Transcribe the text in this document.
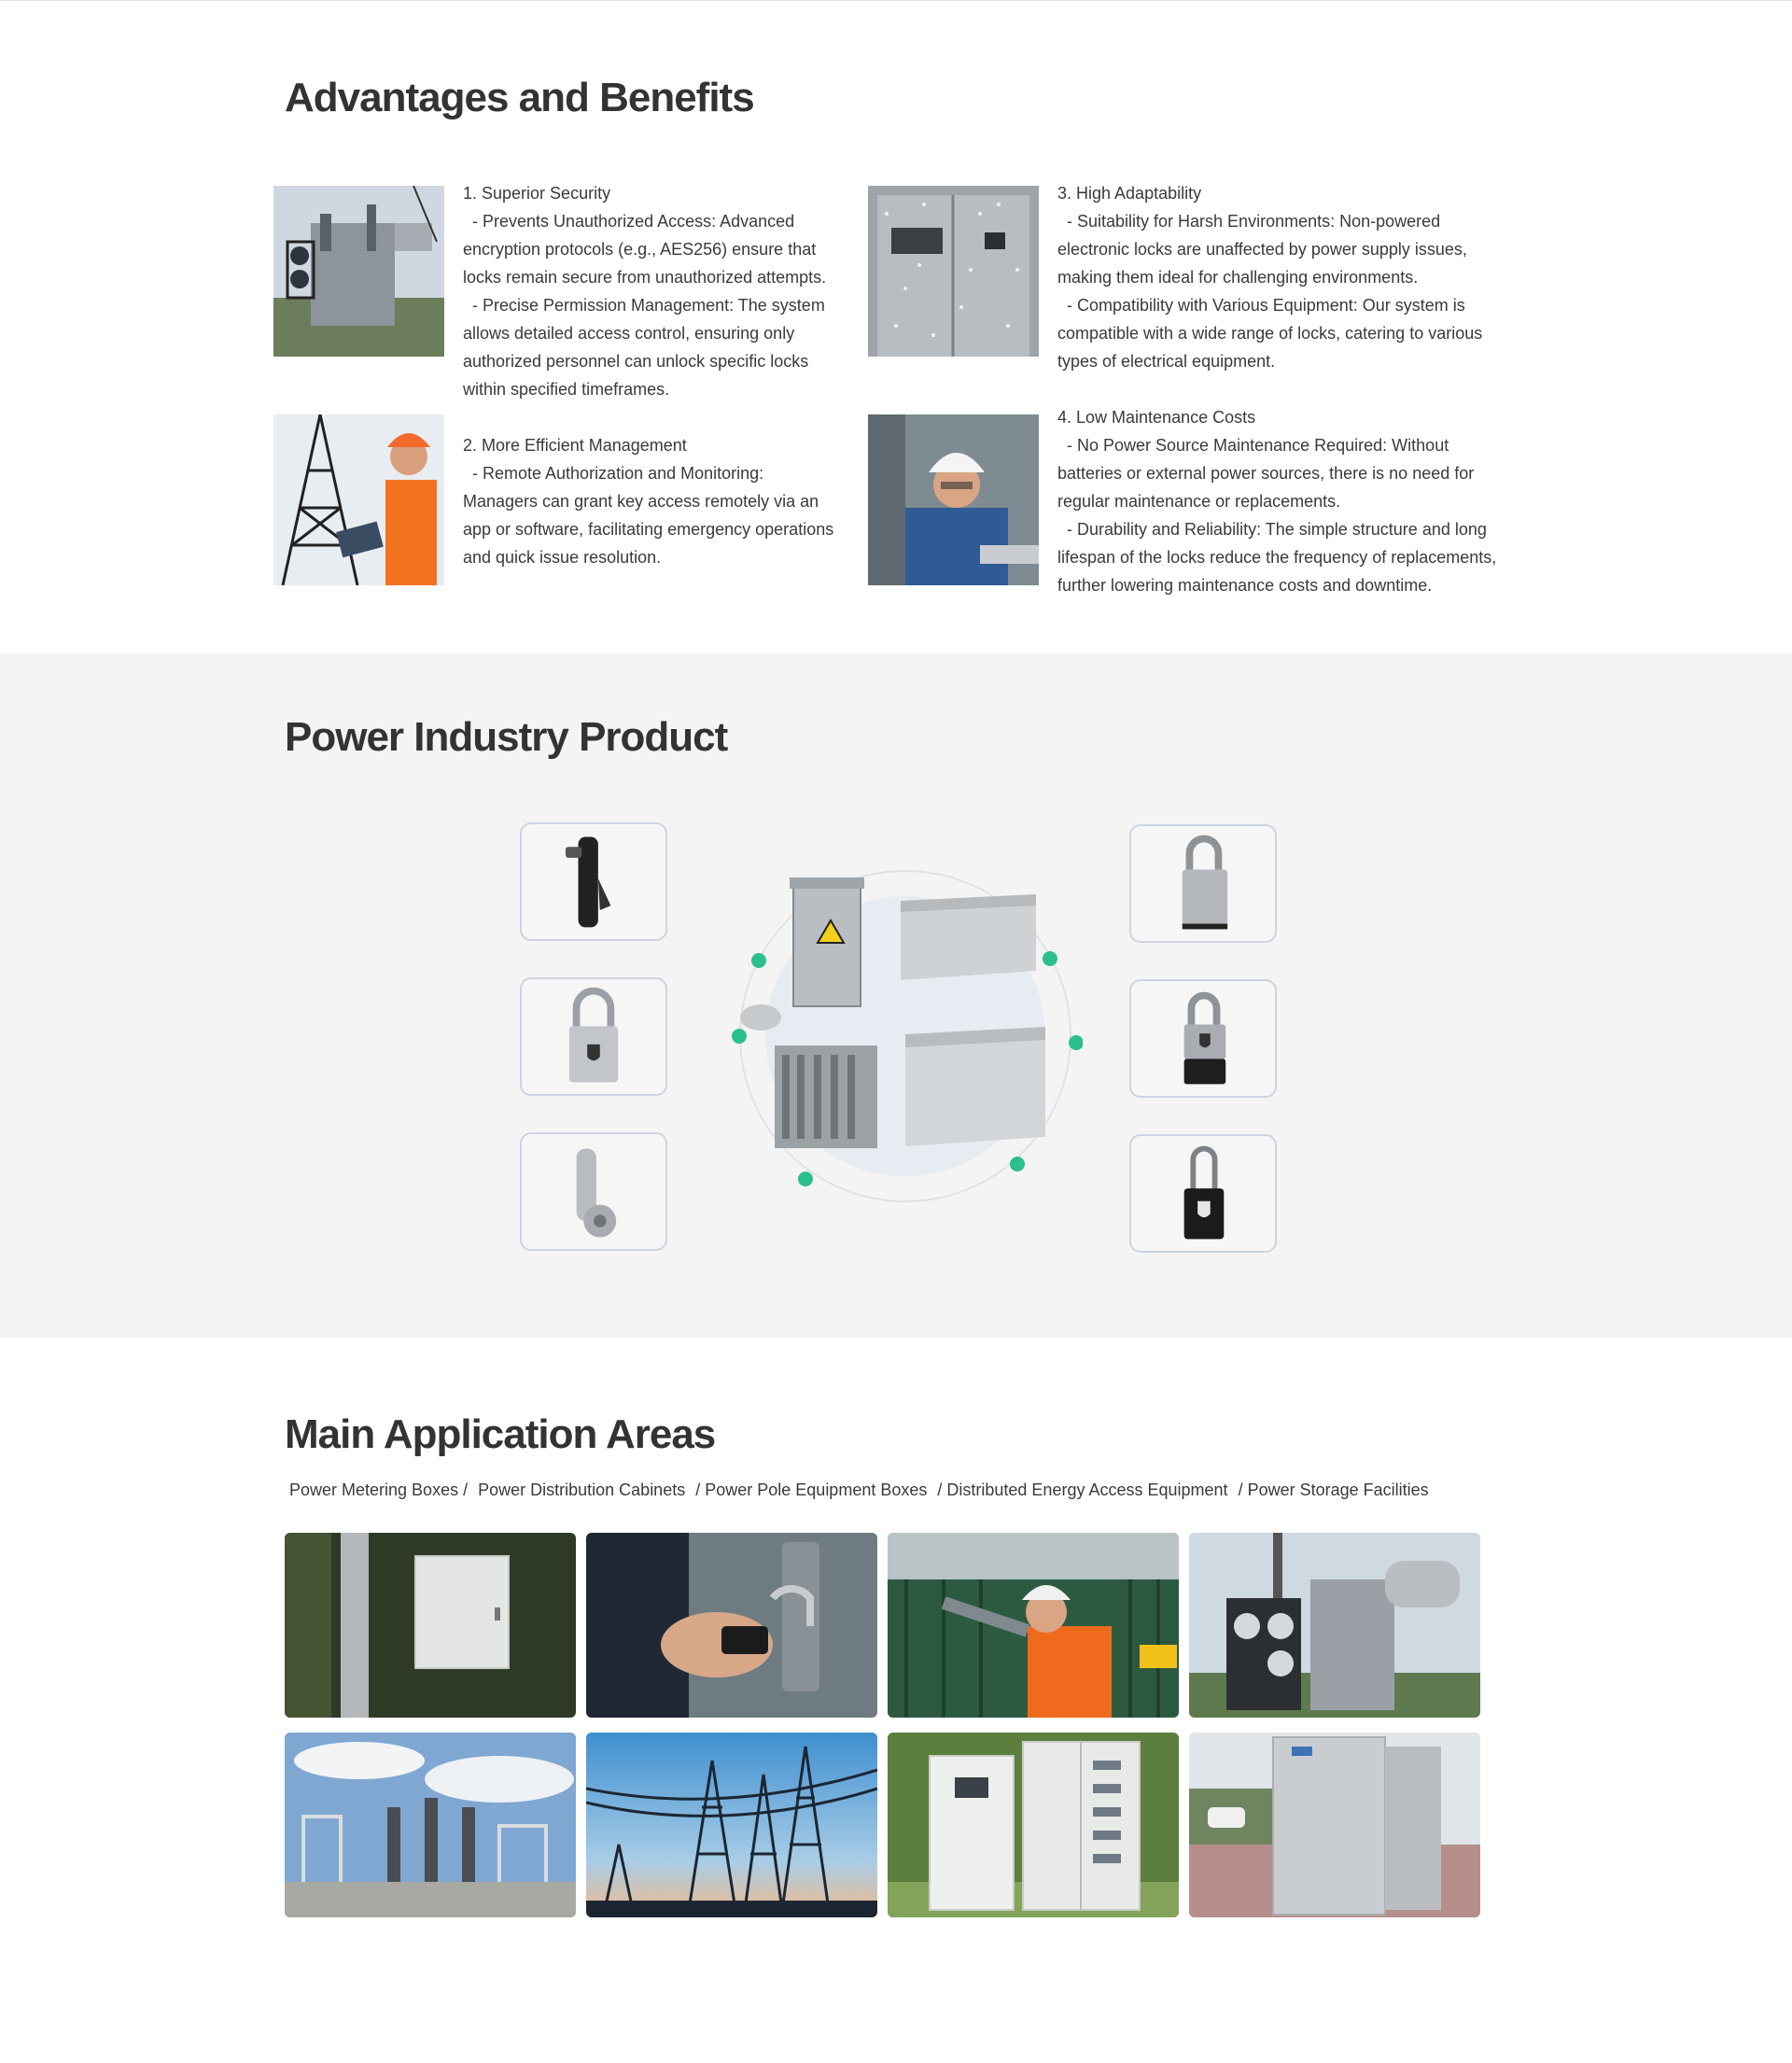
Advantages and Benefits
1. Superior Security
- Prevents Unauthorized Access: Advanced encryption protocols (e.g., AES256) ensure that locks remain secure from unauthorized attempts.
- Precise Permission Management: The system allows detailed access control, ensuring only authorized personnel can unlock specific locks within specified timeframes.
2. More Efficient Management
- Remote Authorization and Monitoring: Managers can grant key access remotely via an app or software, facilitating emergency operations and quick issue resolution.
3. High Adaptability
- Suitability for Harsh Environments: Non-powered electronic locks are unaffected by power supply issues, making them ideal for challenging environments.
- Compatibility with Various Equipment: Our system is compatible with a wide range of locks, catering to various types of electrical equipment.
4. Low Maintenance Costs
- No Power Source Maintenance Required: Without batteries or external power sources, there is no need for regular maintenance or replacements.
- Durability and Reliability: The simple structure and long lifespan of the locks reduce the frequency of replacements, further lowering maintenance costs and downtime.
Power Industry Product
Main Application Areas
Power Metering Boxes / Power Distribution Cabinets / Power Pole Equipment Boxes / Distributed Energy Access Equipment / Power Storage Facilities
